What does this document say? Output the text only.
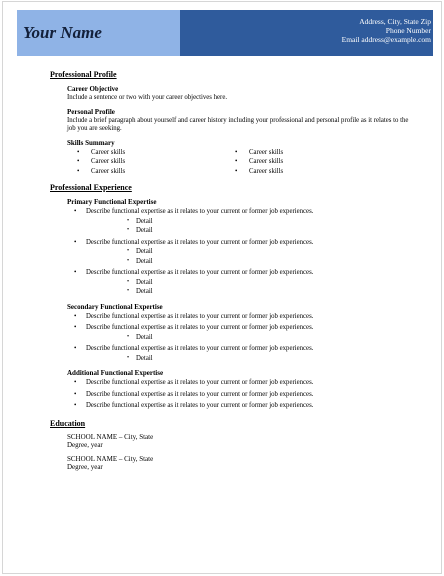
Your Name
Address, City, State Zip
Phone Number
Email address@example.com
Professional Profile
Career Objective
Include a sentence or two with your career objectives here.
Personal Profile
Include a brief paragraph about yourself and career history including your professional and personal profile as it relates to the job you are seeking.
Skills Summary
• Career skills
• Career skills
• Career skills
• Career skills
• Career skills
• Career skills
Professional Experience
Primary Functional Expertise
• Describe functional expertise as it relates to your current or former job experiences.
• Detail
• Detail
• Describe functional expertise as it relates to your current or former job experiences.
• Detail
• Detail
• Describe functional expertise as it relates to your current or former job experiences.
• Detail
• Detail
Secondary Functional Expertise
• Describe functional expertise as it relates to your current or former job experiences.
• Describe functional expertise as it relates to your current or former job experiences.
• Detail
• Describe functional expertise as it relates to your current or former job experiences.
• Detail
Additional Functional Expertise
• Describe functional expertise as it relates to your current or former job experiences.
• Describe functional expertise as it relates to your current or former job experiences.
• Describe functional expertise as it relates to your current or former job experiences.
Education
SCHOOL NAME – City, State
Degree, year
SCHOOL NAME – City, State
Degree, year
